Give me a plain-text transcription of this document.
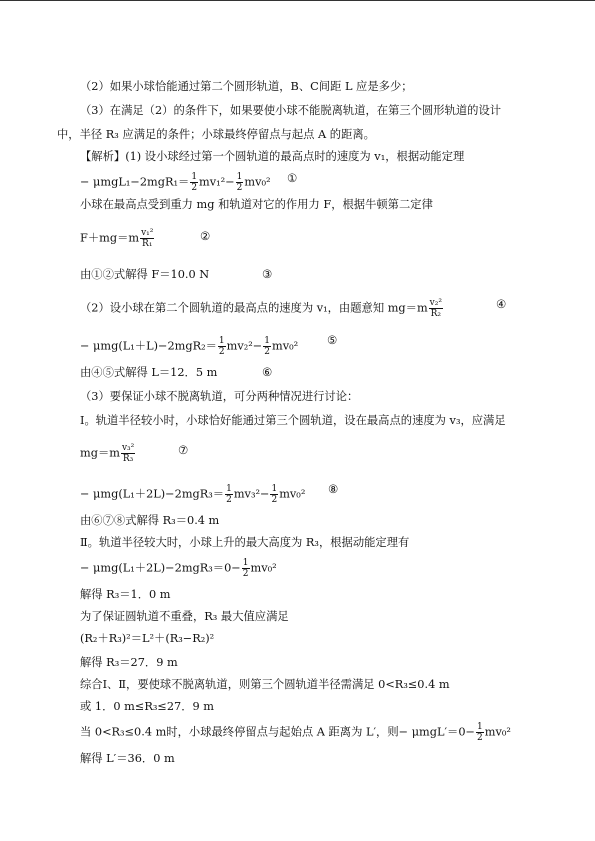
（2）如果小球恰能通过第二个圆形轨道，B、C间距 L 应是多少；
（3）在满足（2）的条件下，如果要使小球不能脱离轨道，在第三个圆形轨道的设计
中，半径 R₃ 应满足的条件；小球最终停留点与起点 A 的距离。
【解析】(1) 设小球经过第一个圆轨道的最高点时的速度为 v₁，根据动能定理
− $\mu mgL_1-2mgR_1= \frac{1}{2} mv_1^2- \frac{1}{2} mv_0^2$ ①
小球在最高点受到重力 mg 和轨道对它的作用力 F，根据牛顿第二定律
$F+mg=m \frac{\text{v₁²}}{\text{R₁}}$	②
由①②式解得 F＝10.0 N	③
（2）设小球在第二个圆轨道的最高点的速度为 v₁，由题意知 $mg=m \frac{\text{v₂²}}{\text{R₂}}$	④
− $\mu mg(L_1+L)-2mgR_2= \frac{1}{2} mv_2^2- \frac{1}{2} mv_0^2$	⑤
由④⑤式解得 L＝12．5 m	⑥
（3）要保证小球不脱离轨道，可分两种情况进行讨论：
Ⅰ。轨道半径较小时，小球恰好能通过第三个圆轨道，设在最高点的速度为 v₃，应满足
$mg=m \frac{\text{v₃²}}{\text{R₃}}$	⑦
− $\mu mg(L_1+2L)-2mgR_3= \frac{1}{2} mv_3^2- \frac{1}{2} mv_0^2$ ⑧
由⑥⑦⑧式解得 R₃＝0.4 m
Ⅱ。轨道半径较大时，小球上升的最大高度为 R₃，根据动能定理有
− $\mu mg(L_1+2L)-2mgR_3=0- \frac{1}{2} mv_0^2$
解得 R₃＝1．0 m
为了保证圆轨道不重叠，R₃ 最大值应满足
(R₂＋R₃)²＝L²＋(R₃−R₂)²
解得 R₃＝27．9 m
综合Ⅰ、Ⅱ，要使球不脱离轨道，则第三个圆轨道半径需满足 0<R₃≤0.4 m
或 1．0 m≤R₃≤27．9 m
当 0<R₃≤0.4 m时，小球最终停留点与起始点 A 距离为 L′，则− $\mu mgL'=0- \frac{1}{2} mv_0^2$
解得 L′＝36．0 m
